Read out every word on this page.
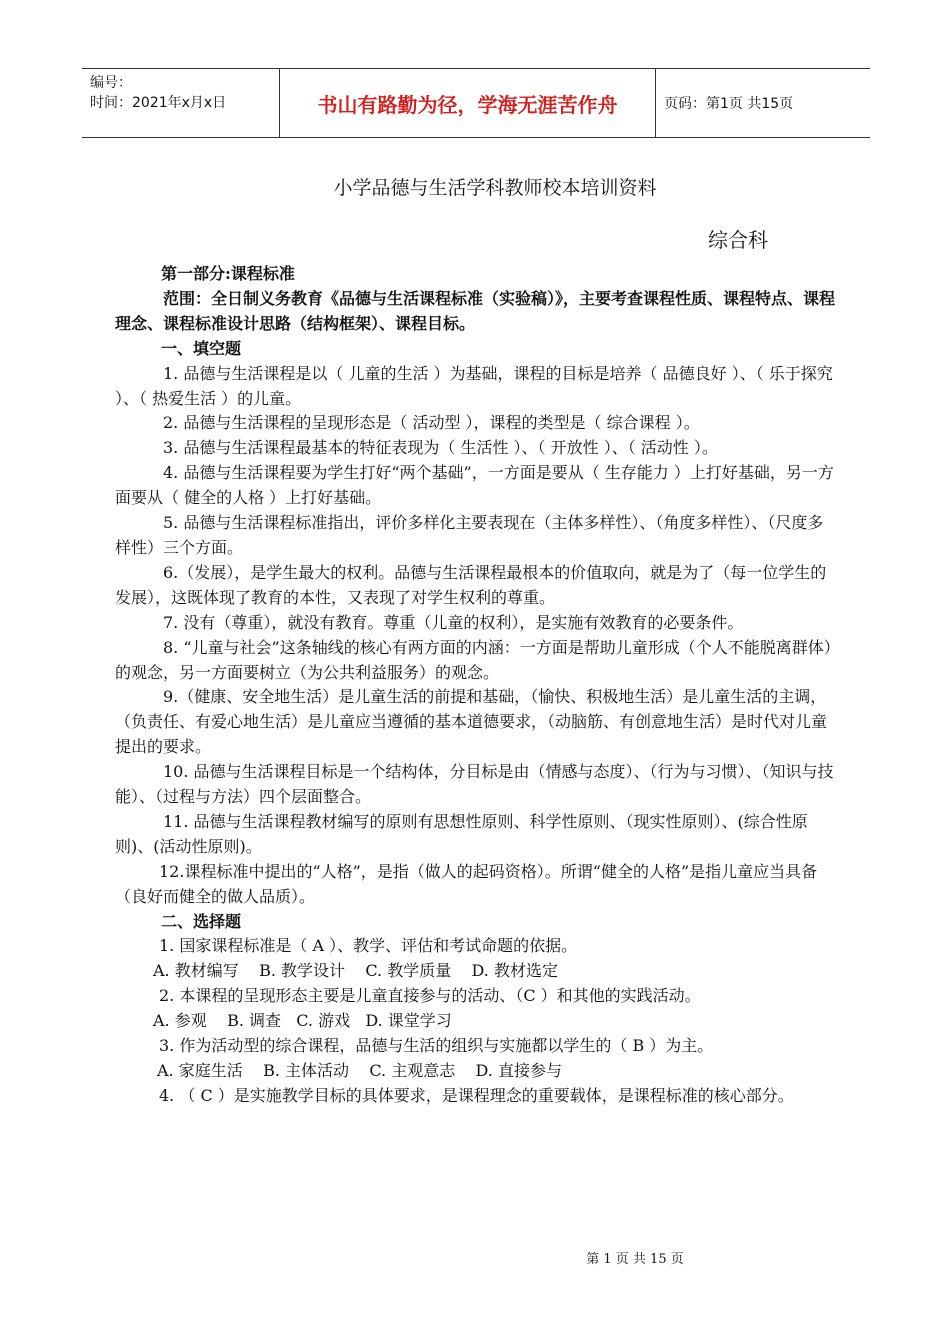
编号：
时间：2021年x月x日	书山有路勤为径，学海无涯苦作舟	页码：第1页 共15页
小学品德与生活学科教师校本培训资料
综合科

第一部分:课程标准

范围：全日制义务教育《品德与生活课程标准（实验稿）》，主要考查课程性质、课程特点、课程理念、课程标准设计思路（结构框架）、课程目标。

一、填空题

1. 品德与生活课程是以（ 儿童的生活 ）为基础，课程的目标是培养（ 品德良好 ）、（ 乐于探究 ）、（ 热爱生活 ）的儿童。

2. 品德与生活课程的呈现形态是（ 活动型 ），课程的类型是（ 综合课程 ）。

3. 品德与生活课程最基本的特征表现为（ 生活性 ）、（ 开放性 ）、（ 活动性 ）。

4. 品德与生活课程要为学生打好“两个基础”，一方面是要从（ 生存能力 ）上打好基础，另一方面要从（ 健全的人格 ）上打好基础。

5. 品德与生活课程标准指出，评价多样化主要表现在（主体多样性）、（角度多样性）、（尺度多样性）三个方面。

6.（发展），是学生最大的权利。品德与生活课程最根本的价值取向，就是为了（每一位学生的发展），这既体现了教育的本性，又表现了对学生权利的尊重。

7. 没有（尊重），就没有教育。尊重（儿童的权利），是实施有效教育的必要条件。

8. “儿童与社会”这条轴线的核心有两方面的内涵：一方面是帮助儿童形成（个人不能脱离群体）的观念，另一方面要树立（为公共利益服务）的观念。

9.（健康、安全地生活）是儿童生活的前提和基础，（愉快、积极地生活）是儿童生活的主调，（负责任、有爱心地生活）是儿童应当遵循的基本道德要求，（动脑筋、有创意地生活）是时代对儿童提出的要求。

10. 品德与生活课程目标是一个结构体，分目标是由（情感与态度）、（行为与习惯）、（知识与技能）、（过程与方法）四个层面整合。

11. 品德与生活课程教材编写的原则有思想性原则、科学性原则、（现实性原则）、(综合性原则)、(活动性原则)。

12.课程标准中提出的“人格”，是指（做人的起码资格）。所谓“健全的人格”是指儿童应当具备（良好而健全的做人品质）。

二、选择题

1. 国家课程标准是（ A ）、教学、评估和考试命题的依据。

A. 教材编写    B. 教学设计    C. 教学质量    D. 教材选定

2. 本课程的呈现形态主要是儿童直接参与的活动、（C ）和其他的实践活动。

A. 参观    B. 调查   C. 游戏   D. 课堂学习

3. 作为活动型的综合课程，品德与生活的组织与实施都以学生的（ B ）为主。

A. 家庭生活    B. 主体活动    C. 主观意志    D. 直接参与

4. （ C ）是实施教学目标的具体要求，是课程理念的重要载体，是课程标准的核心部分。

第 1 页 共 15 页
